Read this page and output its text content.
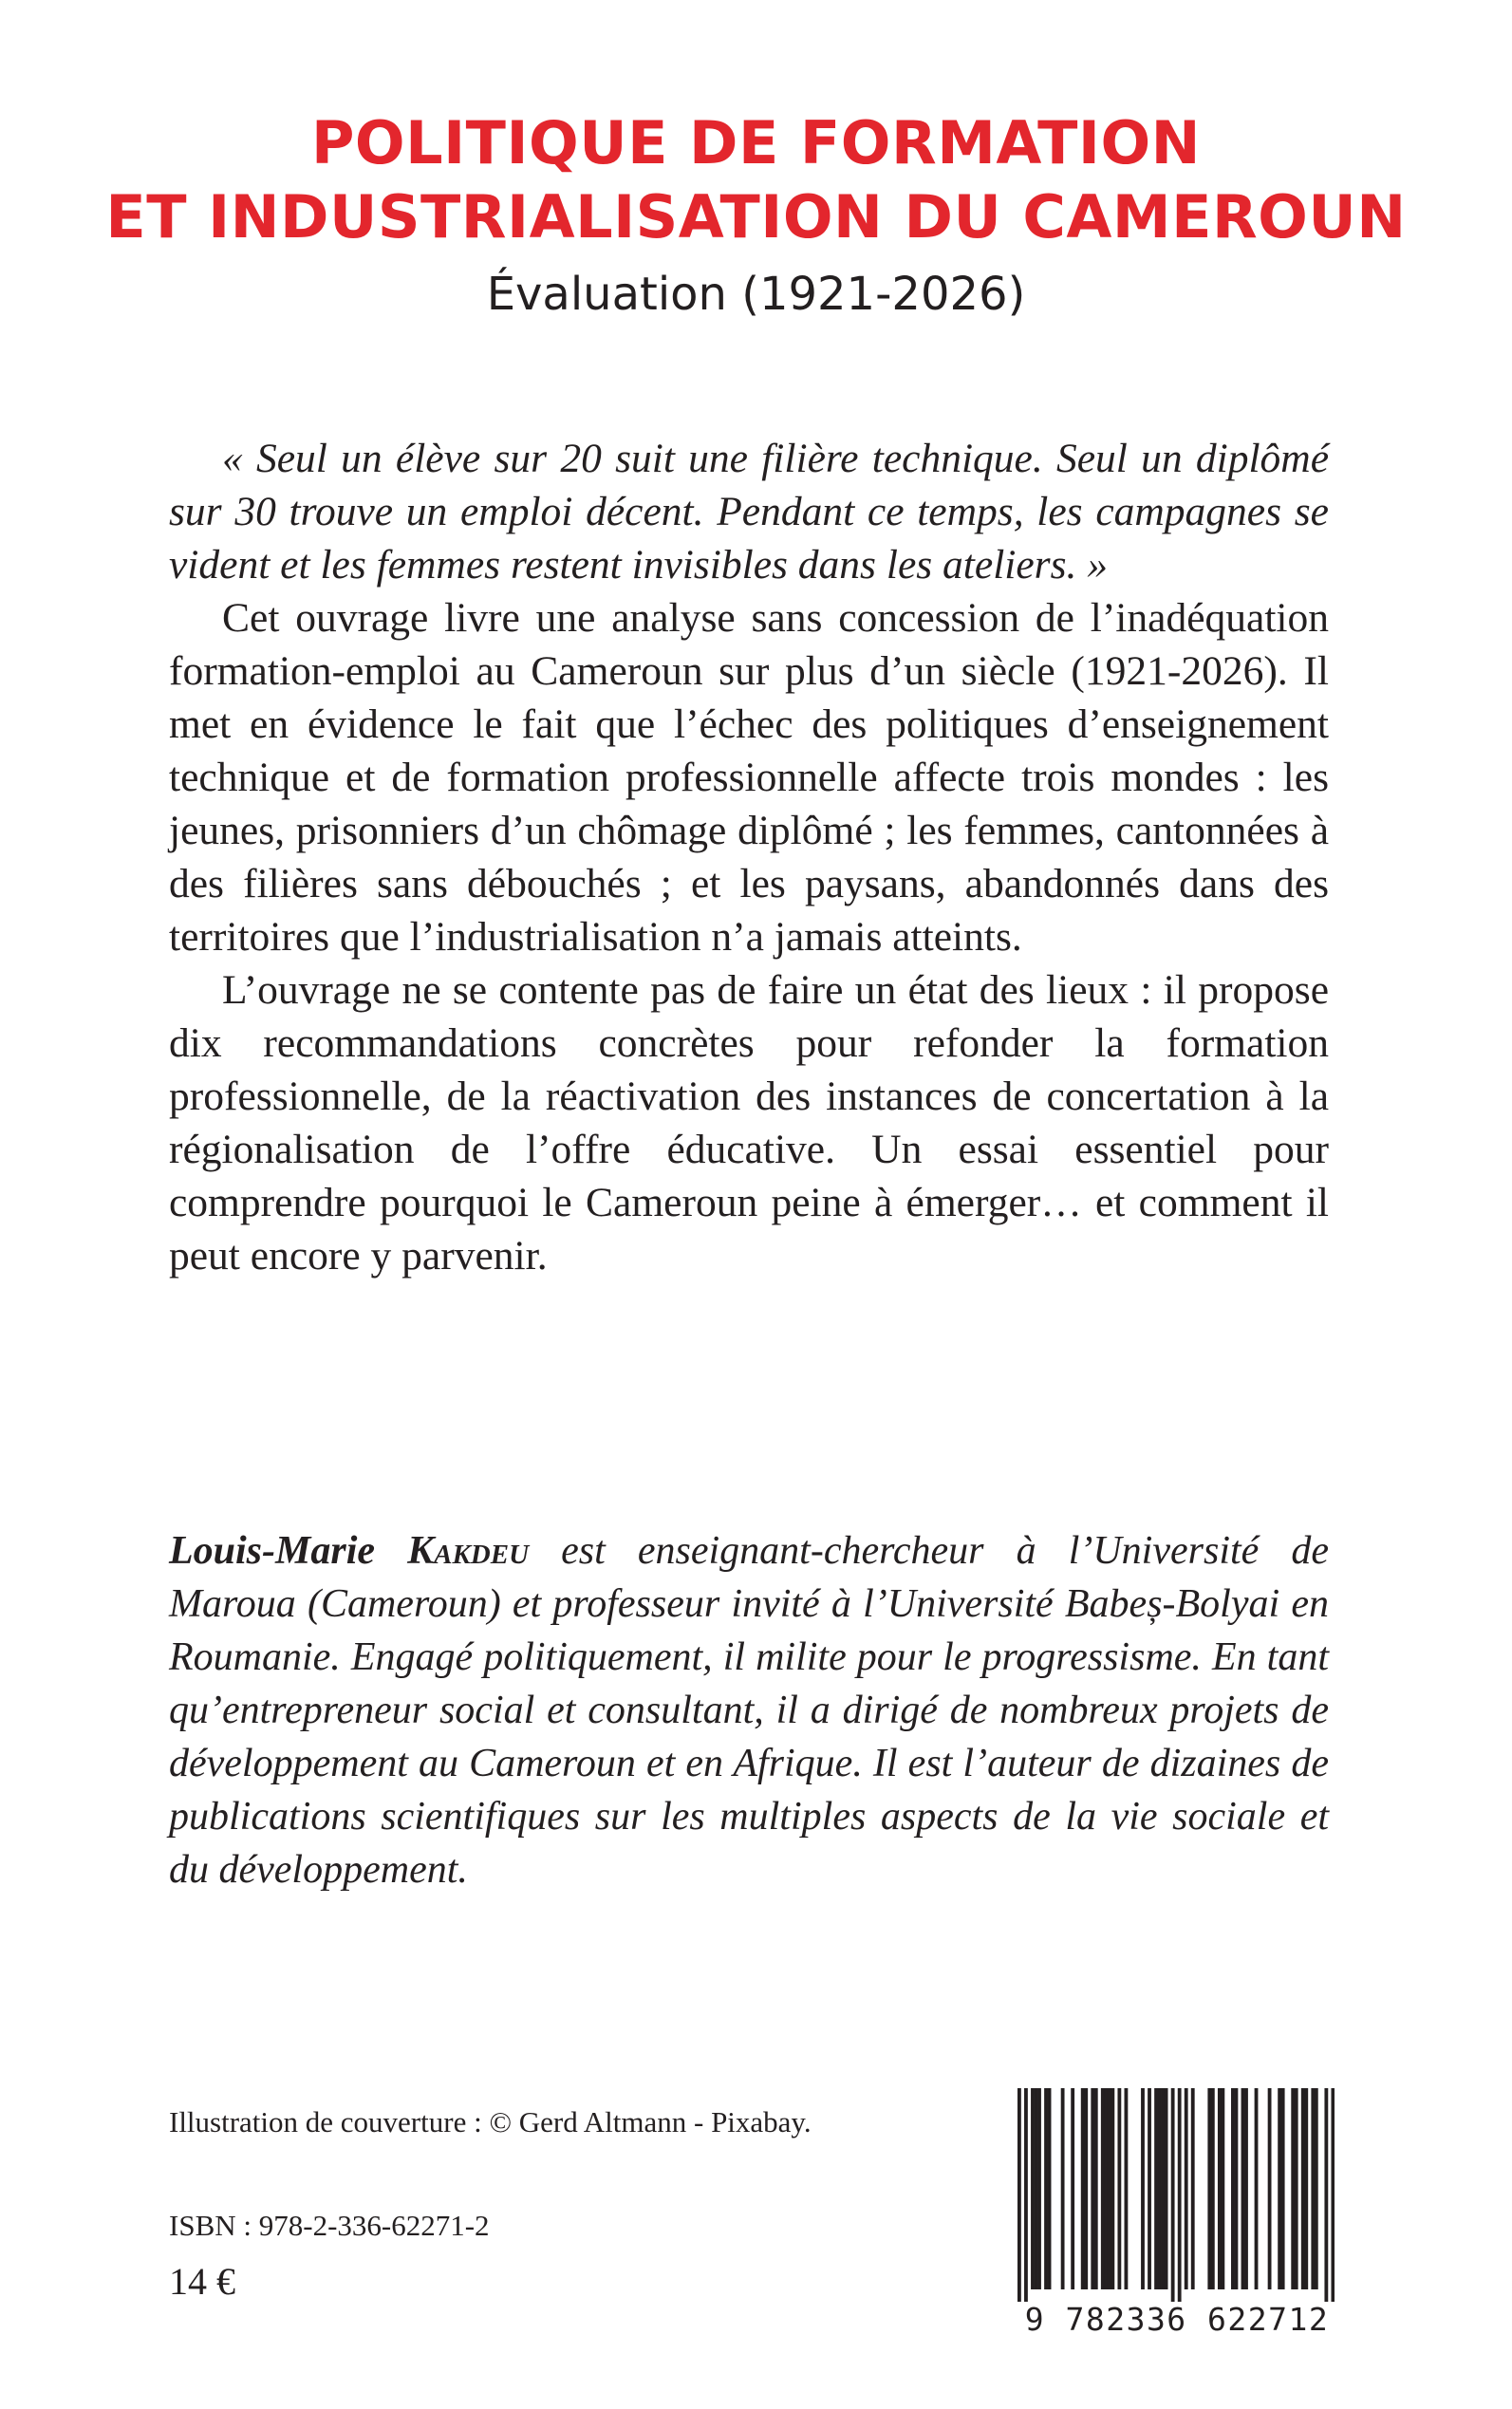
POLITIQUE DE FORMATION
ET INDUSTRIALISATION DU CAMEROUN
Évaluation (1921-2026)

« Seul un élève sur 20 suit une filière technique. Seul un diplômé sur 30 trouve un emploi décent. Pendant ce temps, les campagnes se vident et les femmes restent invisibles dans les ateliers. »

Cet ouvrage livre une analyse sans concession de l’inadéquation formation-emploi au Cameroun sur plus d’un siècle (1921-2026). Il met en évidence le fait que l’échec des politiques d’enseignement technique et de formation professionnelle affecte trois mondes : les jeunes, prisonniers d’un chômage diplômé ; les femmes, cantonnées à des filières sans débouchés ; et les paysans, abandonnés dans des territoires que l’industrialisation n’a jamais atteints.

L’ouvrage ne se contente pas de faire un état des lieux : il propose dix recommandations concrètes pour refonder la formation professionnelle, de la réactivation des instances de concertation à la régionalisation de l’offre éducative. Un essai essentiel pour comprendre pourquoi le Cameroun peine à émerger… et comment il peut encore y parvenir.

Louis-Marie Kakdeu est enseignant-chercheur à l’Université de Maroua (Cameroun) et professeur invité à l’Université Babeș-Bolyai en Roumanie. Engagé politiquement, il milite pour le progressisme. En tant qu’entrepreneur social et consultant, il a dirigé de nombreux projets de développement au Cameroun et en Afrique. Il est l’auteur de dizaines de publications scientifiques sur les multiples aspects de la vie sociale et du développement.

Illustration de couverture : © Gerd Altmann - Pixabay.
ISBN : 978-2-336-62271-2
14 €
9 782336 622712
